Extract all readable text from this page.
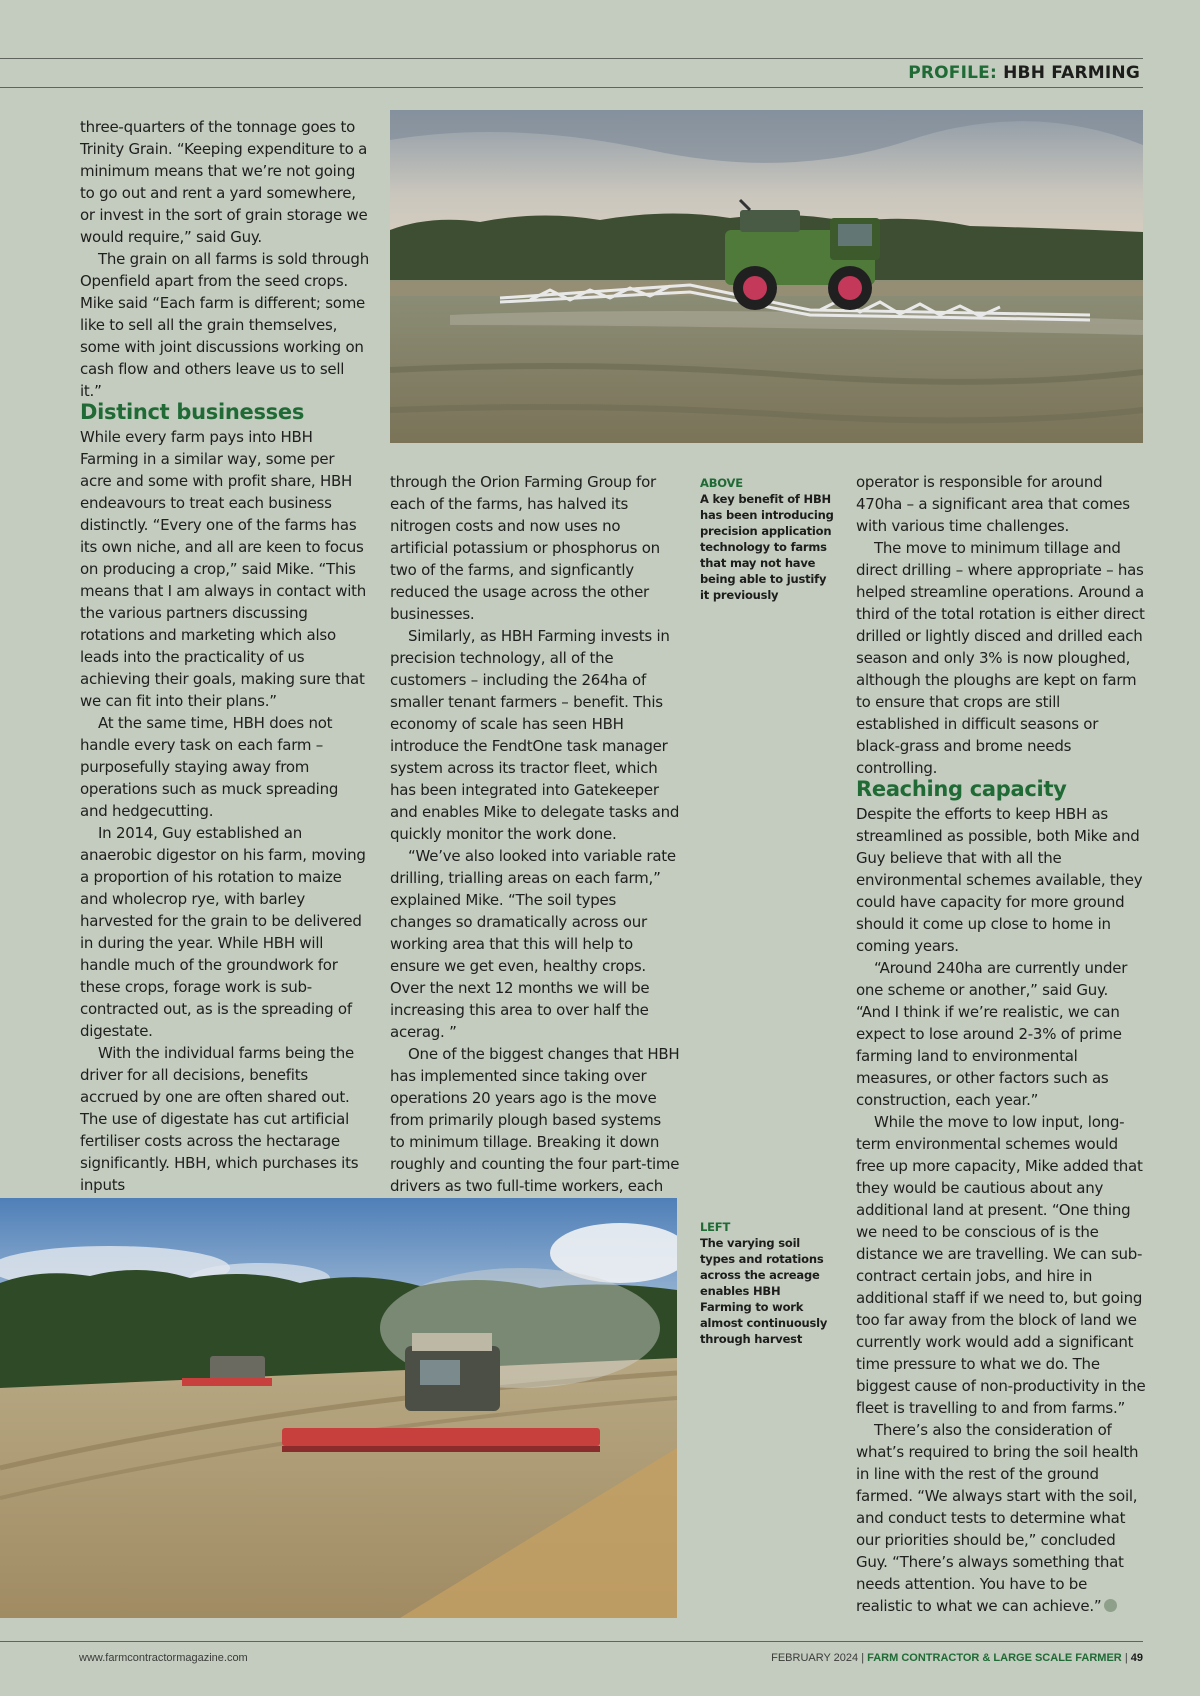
PROFILE: HBH FARMING

three-quarters of the tonnage goes to Trinity Grain. “Keeping expenditure to a minimum means that we’re not going to go out and rent a yard somewhere, or invest in the sort of grain storage we would require,” said Guy.

The grain on all farms is sold through Openfield apart from the seed crops. Mike said “Each farm is different; some like to sell all the grain themselves, some with joint discussions working on cash flow and others leave us to sell it.”

Distinct businesses

While every farm pays into HBH Farming in a similar way, some per acre and some with profit share, HBH endeavours to treat each business distinctly. “Every one of the farms has its own niche, and all are keen to focus on producing a crop,” said Mike. “This means that I am always in contact with the various partners discussing rotations and marketing which also leads into the practicality of us achieving their goals, making sure that we can fit into their plans.”

At the same time, HBH does not handle every task on each farm – purposefully staying away from operations such as muck spreading and hedgecutting.

In 2014, Guy established an anaerobic digestor on his farm, moving a proportion of his rotation to maize and wholecrop rye, with barley harvested for the grain to be delivered in during the year. While HBH will handle much of the groundwork for these crops, forage work is sub-contracted out, as is the spreading of digestate.

With the individual farms being the driver for all decisions, benefits accrued by one are often shared out. The use of digestate has cut artificial fertiliser costs across the hectarage significantly. HBH, which purchases its inputs

through the Orion Farming Group for each of the farms, has halved its nitrogen costs and now uses no artificial potassium or phosphorus on two of the farms, and signficantly reduced the usage across the other businesses.

Similarly, as HBH Farming invests in precision technology, all of the customers – including the 264ha of smaller tenant farmers – benefit. This economy of scale has seen HBH introduce the FendtOne task manager system across its tractor fleet, which has been integrated into Gatekeeper and enables Mike to delegate tasks and quickly monitor the work done.

“We’ve also looked into variable rate drilling, trialling areas on each farm,” explained Mike. “The soil types changes so dramatically across our working area that this will help to ensure we get even, healthy crops. Over the next 12 months we will be increasing this area to over half the acerag. ”

One of the biggest changes that HBH has implemented since taking over operations 20 years ago is the move from primarily plough based systems to minimum tillage. Breaking it down roughly and counting the four part-time drivers as two full-time workers, each

ABOVE
A key benefit of HBH has been introducing precision application technology to farms that may not have being able to justify it previously

operator is responsible for around 470ha – a significant area that comes with various time challenges.

The move to minimum tillage and direct drilling – where appropriate – has helped streamline operations. Around a third of the total rotation is either direct drilled or lightly disced and drilled each season and only 3% is now ploughed, although the ploughs are kept on farm to ensure that crops are still established in difficult seasons or black-grass and brome needs controlling.

Reaching capacity

Despite the efforts to keep HBH as streamlined as possible, both Mike and Guy believe that with all the environmental schemes available, they could have capacity for more ground should it come up close to home in coming years.

“Around 240ha are currently under one scheme or another,” said Guy. “And I think if we’re realistic, we can expect to lose around 2-3% of prime farming land to environmental measures, or other factors such as construction, each year.”

While the move to low input, long-term environmental schemes would free up more capacity, Mike added that they would be cautious about any additional land at present. “One thing we need to be conscious of is the distance we are travelling. We can sub-contract certain jobs, and hire in additional staff if we need to, but going too far away from the block of land we currently work would add a significant time pressure to what we do. The biggest cause of non-productivity in the fleet is travelling to and from farms.”

There’s also the consideration of what’s required to bring the soil health in line with the rest of the ground farmed. “We always start with the soil, and conduct tests to determine what our priorities should be,” concluded Guy. “There’s always something that needs attention. You have to be realistic to what we can achieve.”

LEFT
The varying soil types and rotations across the acreage enables HBH Farming to work almost continuously through harvest
www.farmcontractormagazine.com	FEBRUARY 2024 | FARM CONTRACTOR & LARGE SCALE FARMER | 49
